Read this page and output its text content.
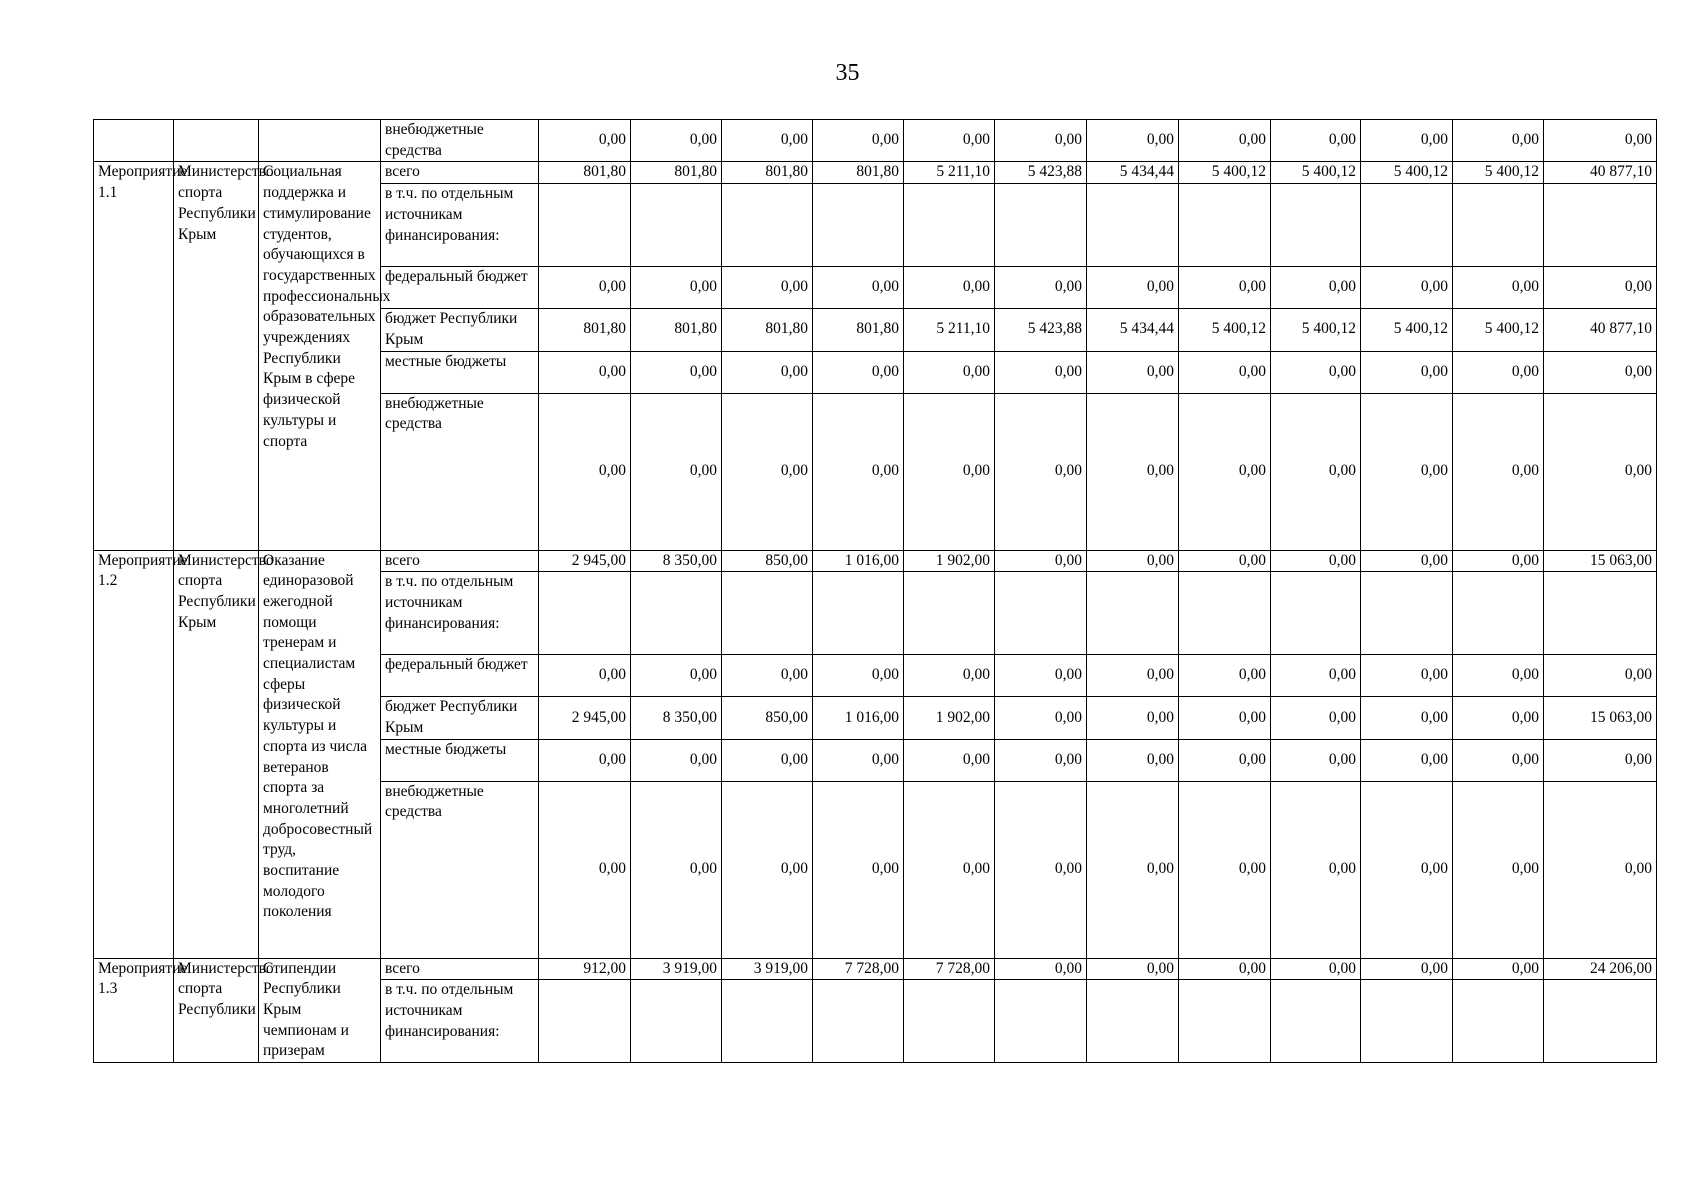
35
			внебюджетные средства	0,00	0,00	0,00	0,00	0,00	0,00	0,00	0,00	0,00	0,00	0,00	0,00
Мероприятие 1.1	Министерство спорта Республики Крым	Социальная поддержка и стимулирование студентов, обучающихся в государственных профессиональных образовательных учреждениях Республики Крым в сфере физической культуры и спорта	всего	801,80	801,80	801,80	801,80	5 211,10	5 423,88	5 434,44	5 400,12	5 400,12	5 400,12	5 400,12	40 877,10
			в т.ч. по отдельным источникам финансирования:												
			федеральный бюджет	0,00	0,00	0,00	0,00	0,00	0,00	0,00	0,00	0,00	0,00	0,00	0,00
			бюджет Республики Крым	801,80	801,80	801,80	801,80	5 211,10	5 423,88	5 434,44	5 400,12	5 400,12	5 400,12	5 400,12	40 877,10
			местные бюджеты	0,00	0,00	0,00	0,00	0,00	0,00	0,00	0,00	0,00	0,00	0,00	0,00
			внебюджетные средства	0,00	0,00	0,00	0,00	0,00	0,00	0,00	0,00	0,00	0,00	0,00	0,00
Мероприятие 1.2	Министерство спорта Республики Крым	Оказание единоразовой ежегодной помощи тренерам и специалистам сферы физической культуры и спорта из числа ветеранов спорта за многолетний добросовестный труд, воспитание молодого поколения	всего	2 945,00	8 350,00	850,00	1 016,00	1 902,00	0,00	0,00	0,00	0,00	0,00	0,00	15 063,00
			в т.ч. по отдельным источникам финансирования:												
			федеральный бюджет	0,00	0,00	0,00	0,00	0,00	0,00	0,00	0,00	0,00	0,00	0,00	0,00
			бюджет Республики Крым	2 945,00	8 350,00	850,00	1 016,00	1 902,00	0,00	0,00	0,00	0,00	0,00	0,00	15 063,00
			местные бюджеты	0,00	0,00	0,00	0,00	0,00	0,00	0,00	0,00	0,00	0,00	0,00	0,00
			внебюджетные средства	0,00	0,00	0,00	0,00	0,00	0,00	0,00	0,00	0,00	0,00	0,00	0,00
Мероприятие 1.3	Министерство спорта Республики	Стипендии Республики Крым чемпионам и призерам	всего	912,00	3 919,00	3 919,00	7 728,00	7 728,00	0,00	0,00	0,00	0,00	0,00	0,00	24 206,00
			в т.ч. по отдельным источникам финансирования:												
